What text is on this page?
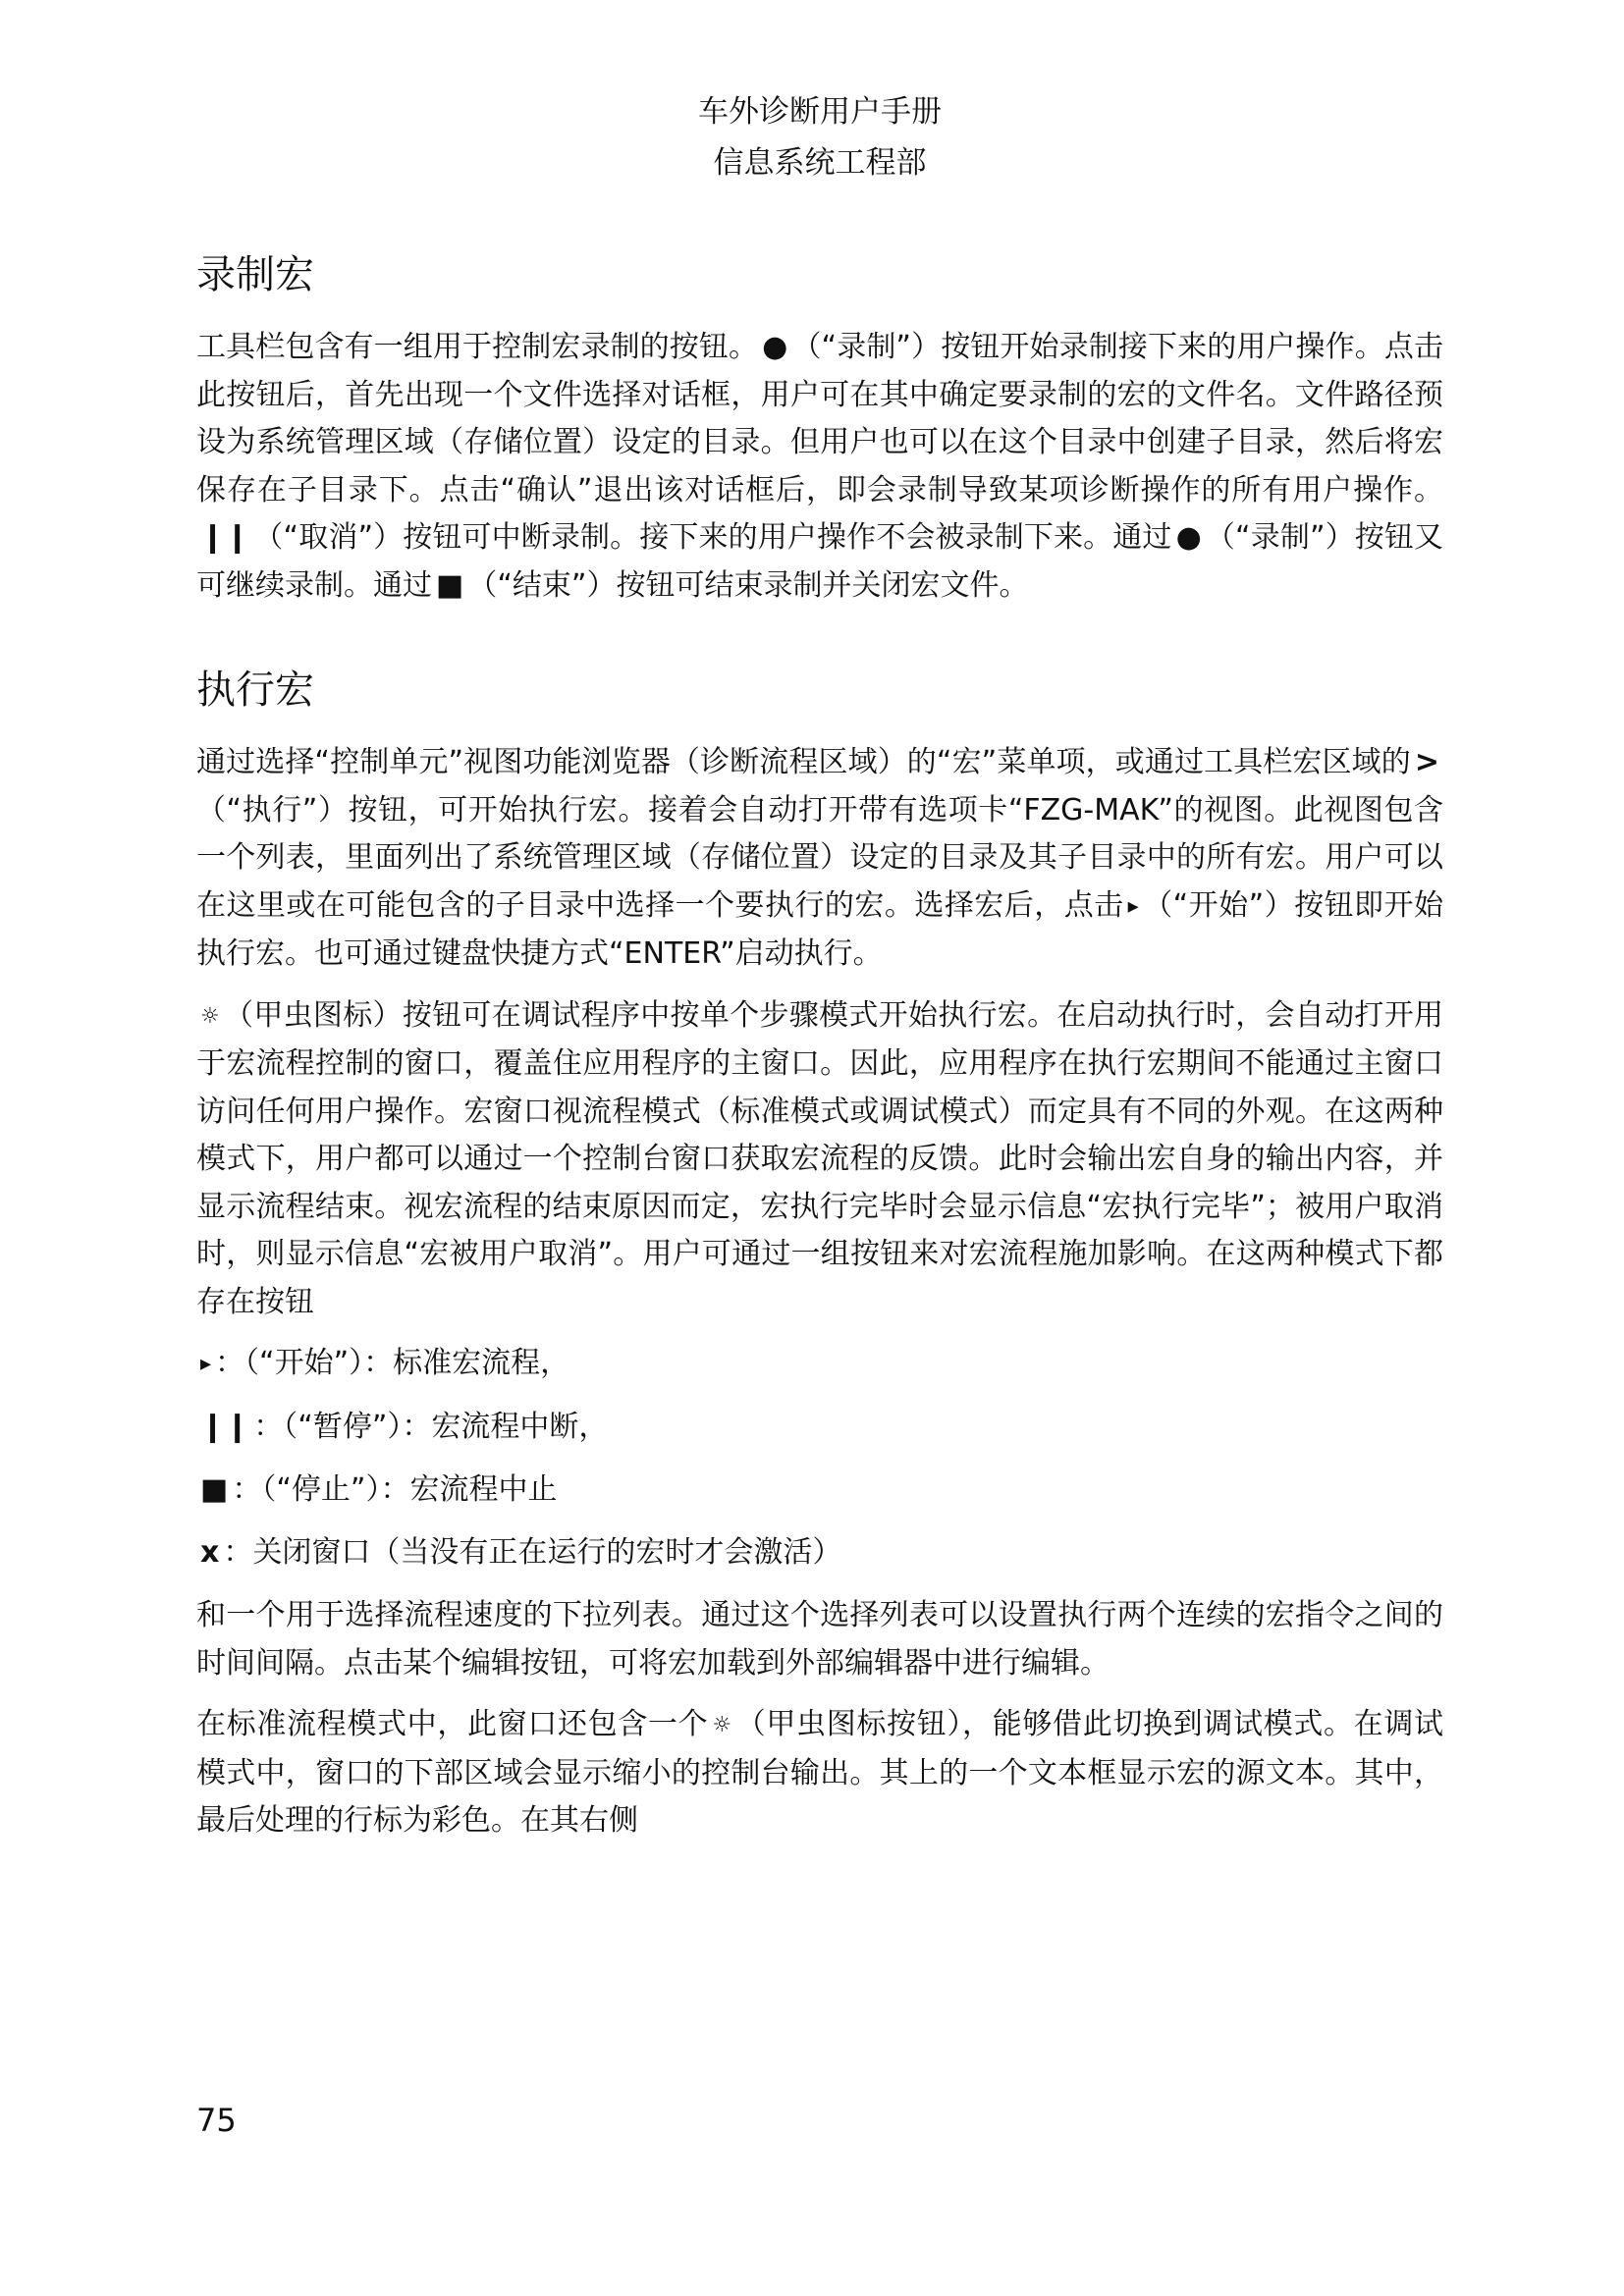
车外诊断用户手册

信息系统工程部

录制宏

工具栏包含有一组用于控制宏录制的按钮。 ● （“录制”）按钮开始录制接下来的用户操作。点击此按钮后，首先出现一个文件选择对话框，用户可在其中确定要录制的宏的文件名。文件路径预设为系统管理区域（存储位置）设定的目录。但用户也可以在这个目录中创建子目录，然后将宏保存在子目录下。点击“确认”退出该对话框后，即会录制导致某项诊断操作的所有用户操作。❙❙ （“取消”）按钮可中断录制。接下来的用户操作不会被录制下来。通过 ● （“录制”）按钮又可继续录制。通过 ■ （“结束”）按钮可结束录制并关闭宏文件。

执行宏

通过选择“控制单元”视图功能浏览器（诊断流程区域）的“宏”菜单项，或通过工具栏宏区域的 >（“执行”）按钮，可开始执行宏。接着会自动打开带有选项卡“FZG-MAK”的视图。此视图包含一个列表，里面列出了系统管理区域（存储位置）设定的目录及其子目录中的所有宏。用户可以在这里或在可能包含的子目录中选择一个要执行的宏。选择宏后，点击 ▸ （“开始”）按钮即开始执行宏。也可通过键盘快捷方式“ENTER”启动执行。

☼ （甲虫图标）按钮可在调试程序中按单个步骤模式开始执行宏。在启动执行时，会自动打开用于宏流程控制的窗口，覆盖住应用程序的主窗口。因此，应用程序在执行宏期间不能通过主窗口访问任何用户操作。宏窗口视流程模式（标准模式或调试模式）而定具有不同的外观。在这两种模式下，用户都可以通过一个控制台窗口获取宏流程的反馈。此时会输出宏自身的输出内容，并显示流程结束。视宏流程的结束原因而定，宏执行完毕时会显示信息“宏执行完毕”；被用户取消时，则显示信息“宏被用户取消”。用户可通过一组按钮来对宏流程施加影响。在这两种模式下都存在按钮

▸ ：（“开始”）：标准宏流程，

❙❙ ：（“暂停”）：宏流程中断，

■ ：（“停止”）：宏流程中止

x ：关闭窗口（当没有正在运行的宏时才会激活）

和一个用于选择流程速度的下拉列表。通过这个选择列表可以设置执行两个连续的宏指令之间的时间间隔。点击某个编辑按钮，可将宏加载到外部编辑器中进行编辑。

在标准流程模式中，此窗口还包含一个 ☼ （甲虫图标按钮），能够借此切换到调试模式。在调试模式中，窗口的下部区域会显示缩小的控制台输出。其上的一个文本框显示宏的源文本。其中，最后处理的行标为彩色。在其右侧

75
